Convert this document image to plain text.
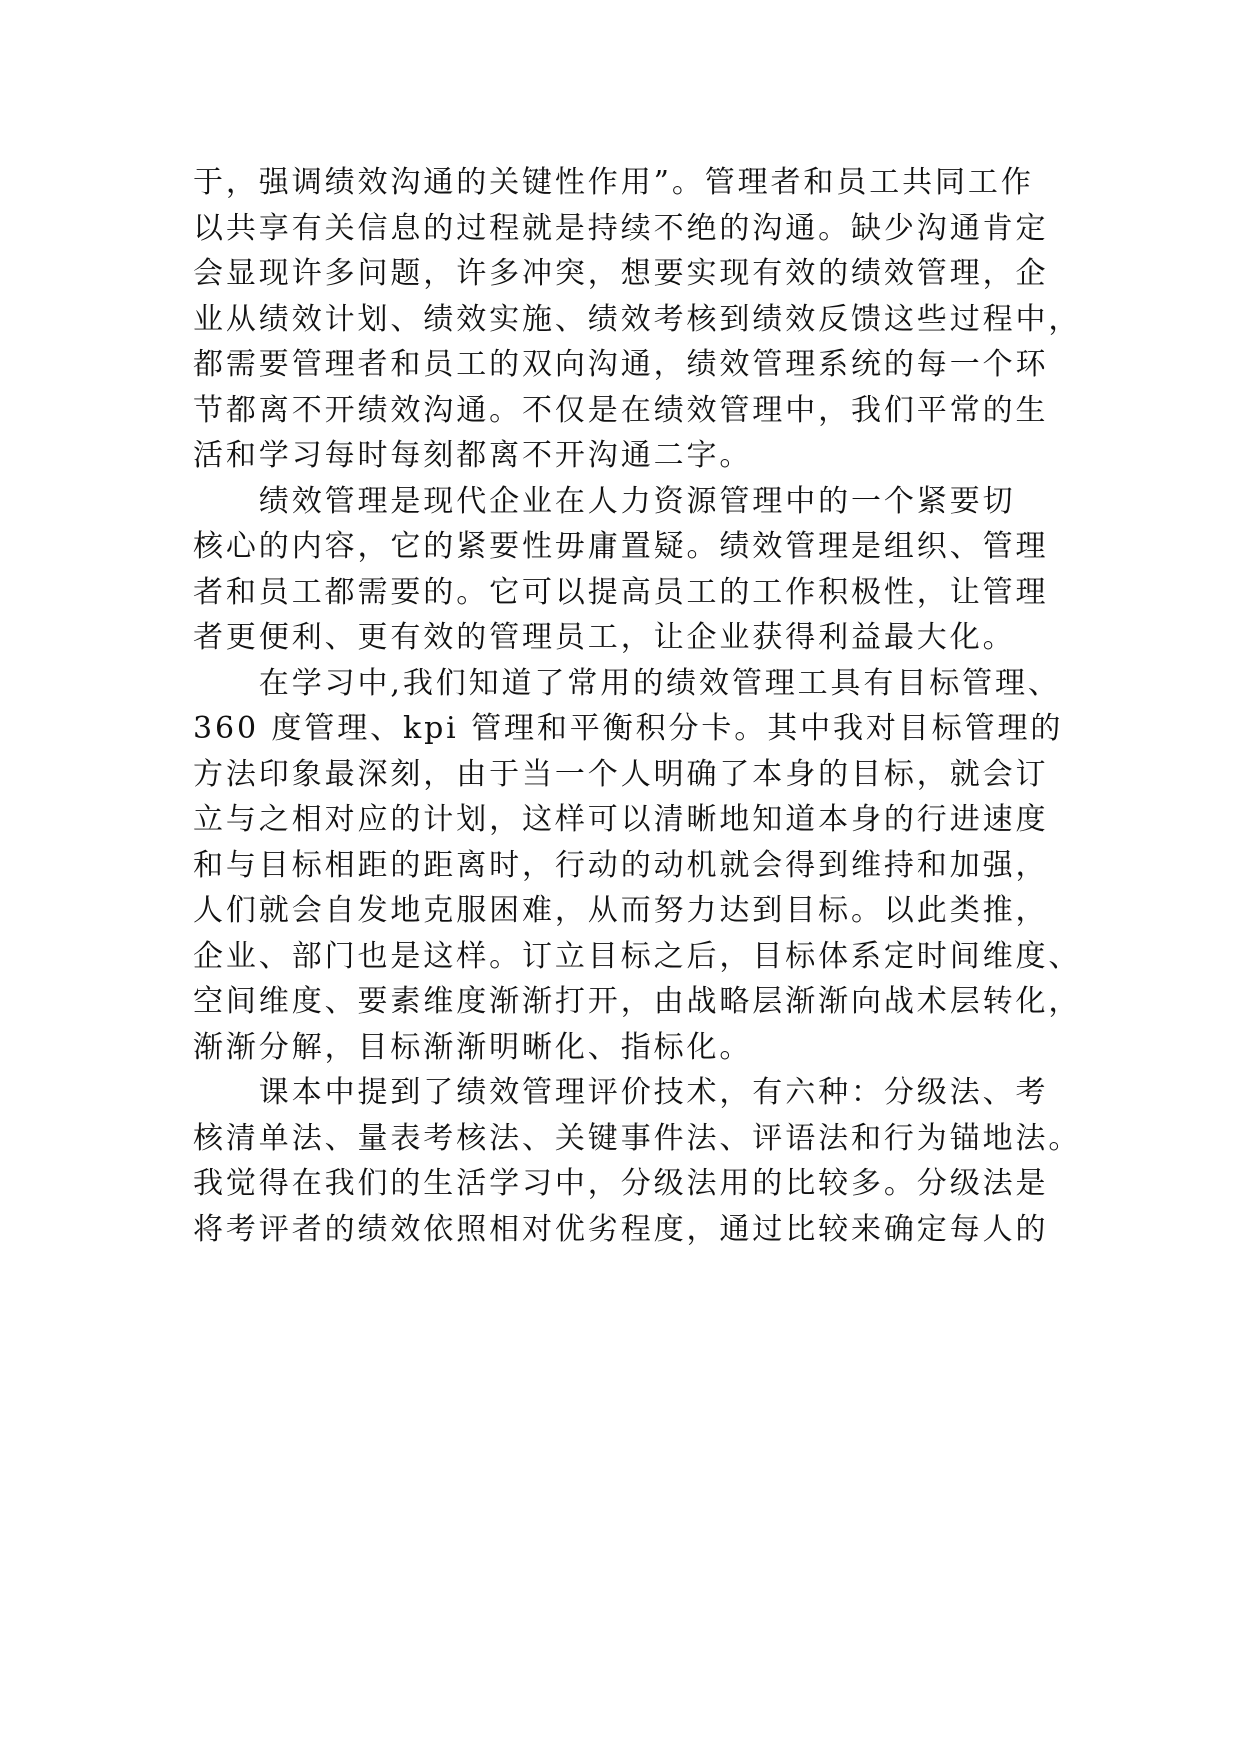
于，强调绩效沟通的关键性作用”。管理者和员工共同工作
以共享有关信息的过程就是持续不绝的沟通。缺少沟通肯定
会显现许多问题，许多冲突，想要实现有效的绩效管理，企
业从绩效计划、绩效实施、绩效考核到绩效反馈这些过程中，
都需要管理者和员工的双向沟通，绩效管理系统的每一个环
节都离不开绩效沟通。不仅是在绩效管理中，我们平常的生
活和学习每时每刻都离不开沟通二字。
　　绩效管理是现代企业在人力资源管理中的一个紧要切
核心的内容，它的紧要性毋庸置疑。绩效管理是组织、管理
者和员工都需要的。它可以提高员工的工作积极性，让管理
者更便利、更有效的管理员工，让企业获得利益最大化。
　　在学习中,我们知道了常用的绩效管理工具有目标管理、
360 度管理、kpi 管理和平衡积分卡。其中我对目标管理的
方法印象最深刻，由于当一个人明确了本身的目标，就会订
立与之相对应的计划，这样可以清晰地知道本身的行进速度
和与目标相距的距离时，行动的动机就会得到维持和加强，
人们就会自发地克服困难，从而努力达到目标。以此类推，
企业、部门也是这样。订立目标之后，目标体系定时间维度、
空间维度、要素维度渐渐打开，由战略层渐渐向战术层转化，
渐渐分解，目标渐渐明晰化、指标化。
　　课本中提到了绩效管理评价技术，有六种：分级法、考
核清单法、量表考核法、关键事件法、评语法和行为锚地法。
我觉得在我们的生活学习中，分级法用的比较多。分级法是
将考评者的绩效依照相对优劣程度，通过比较来确定每人的
